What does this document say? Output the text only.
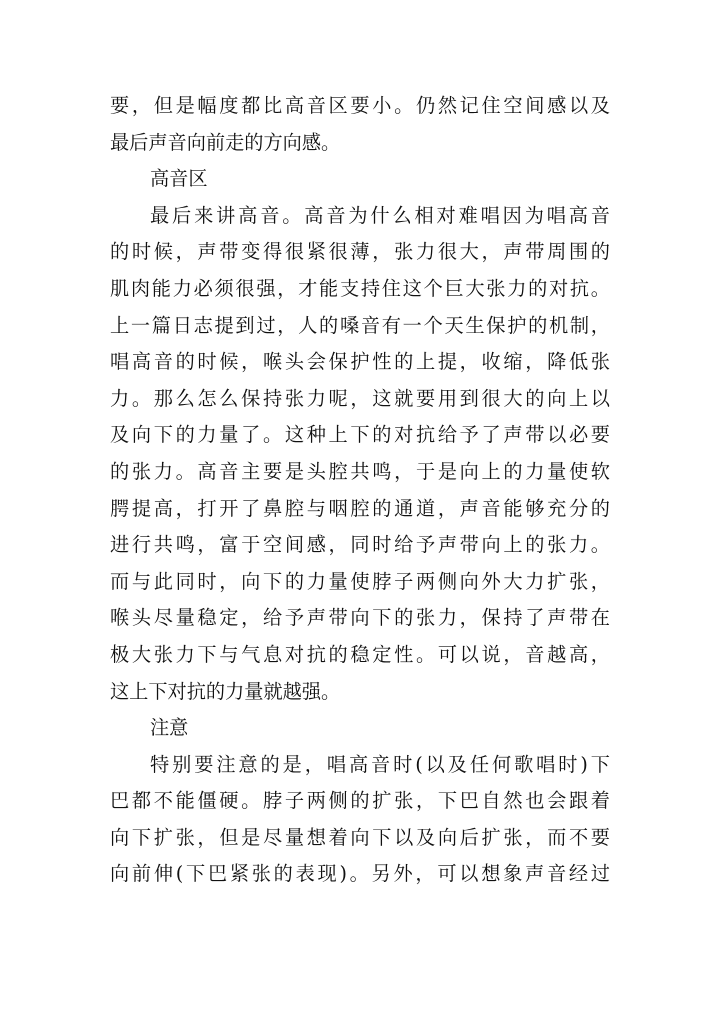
要，但是幅度都比高音区要小。仍然记住空间感以及
最后声音向前走的方向感。
高音区
最后来讲高音。高音为什么相对难唱因为唱高音
的时候，声带变得很紧很薄，张力很大，声带周围的
肌肉能力必须很强，才能支持住这个巨大张力的对抗。
上一篇日志提到过，人的嗓音有一个天生保护的机制，
唱高音的时候，喉头会保护性的上提，收缩，降低张
力。那么怎么保持张力呢，这就要用到很大的向上以
及向下的力量了。这种上下的对抗给予了声带以必要
的张力。高音主要是头腔共鸣，于是向上的力量使软
腭提高，打开了鼻腔与咽腔的通道，声音能够充分的
进行共鸣，富于空间感，同时给予声带向上的张力。
而与此同时，向下的力量使脖子两侧向外大力扩张，
喉头尽量稳定，给予声带向下的张力，保持了声带在
极大张力下与气息对抗的稳定性。可以说，音越高，
这上下对抗的力量就越强。
注意
特别要注意的是，唱高音时(以及任何歌唱时)下
巴都不能僵硬。脖子两侧的扩张，下巴自然也会跟着
向下扩张，但是尽量想着向下以及向后扩张，而不要
向前伸(下巴紧张的表现)。另外，可以想象声音经过
